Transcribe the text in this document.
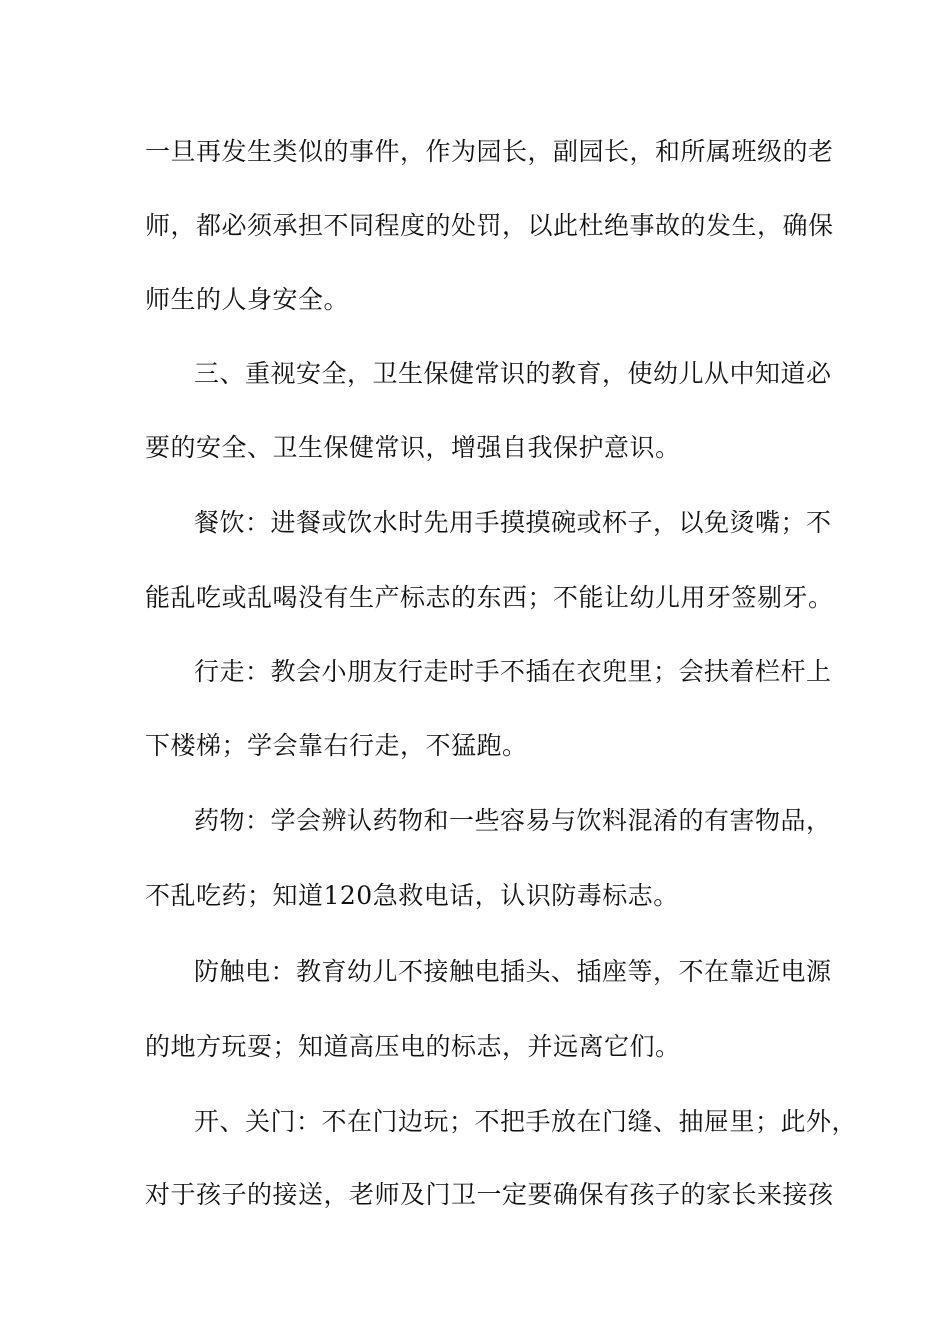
一旦再发生类似的事件，作为园长，副园长，和所属班级的老
师，都必须承担不同程度的处罚，以此杜绝事故的发生，确保
师生的人身安全。
三、重视安全，卫生保健常识的教育，使幼儿从中知道必
要的安全、卫生保健常识，增强自我保护意识。
餐饮：进餐或饮水时先用手摸摸碗或杯子，以免烫嘴；不
能乱吃或乱喝没有生产标志的东西；不能让幼儿用牙签剔牙。
行走：教会小朋友行走时手不插在衣兜里；会扶着栏杆上
下楼梯；学会靠右行走，不猛跑。
药物：学会辨认药物和一些容易与饮料混淆的有害物品，
不乱吃药；知道120急救电话，认识防毒标志。
防触电：教育幼儿不接触电插头、插座等，不在靠近电源
的地方玩耍；知道高压电的标志，并远离它们。
开、关门：不在门边玩；不把手放在门缝、抽屉里；此外，
对于孩子的接送，老师及门卫一定要确保有孩子的家长来接孩
